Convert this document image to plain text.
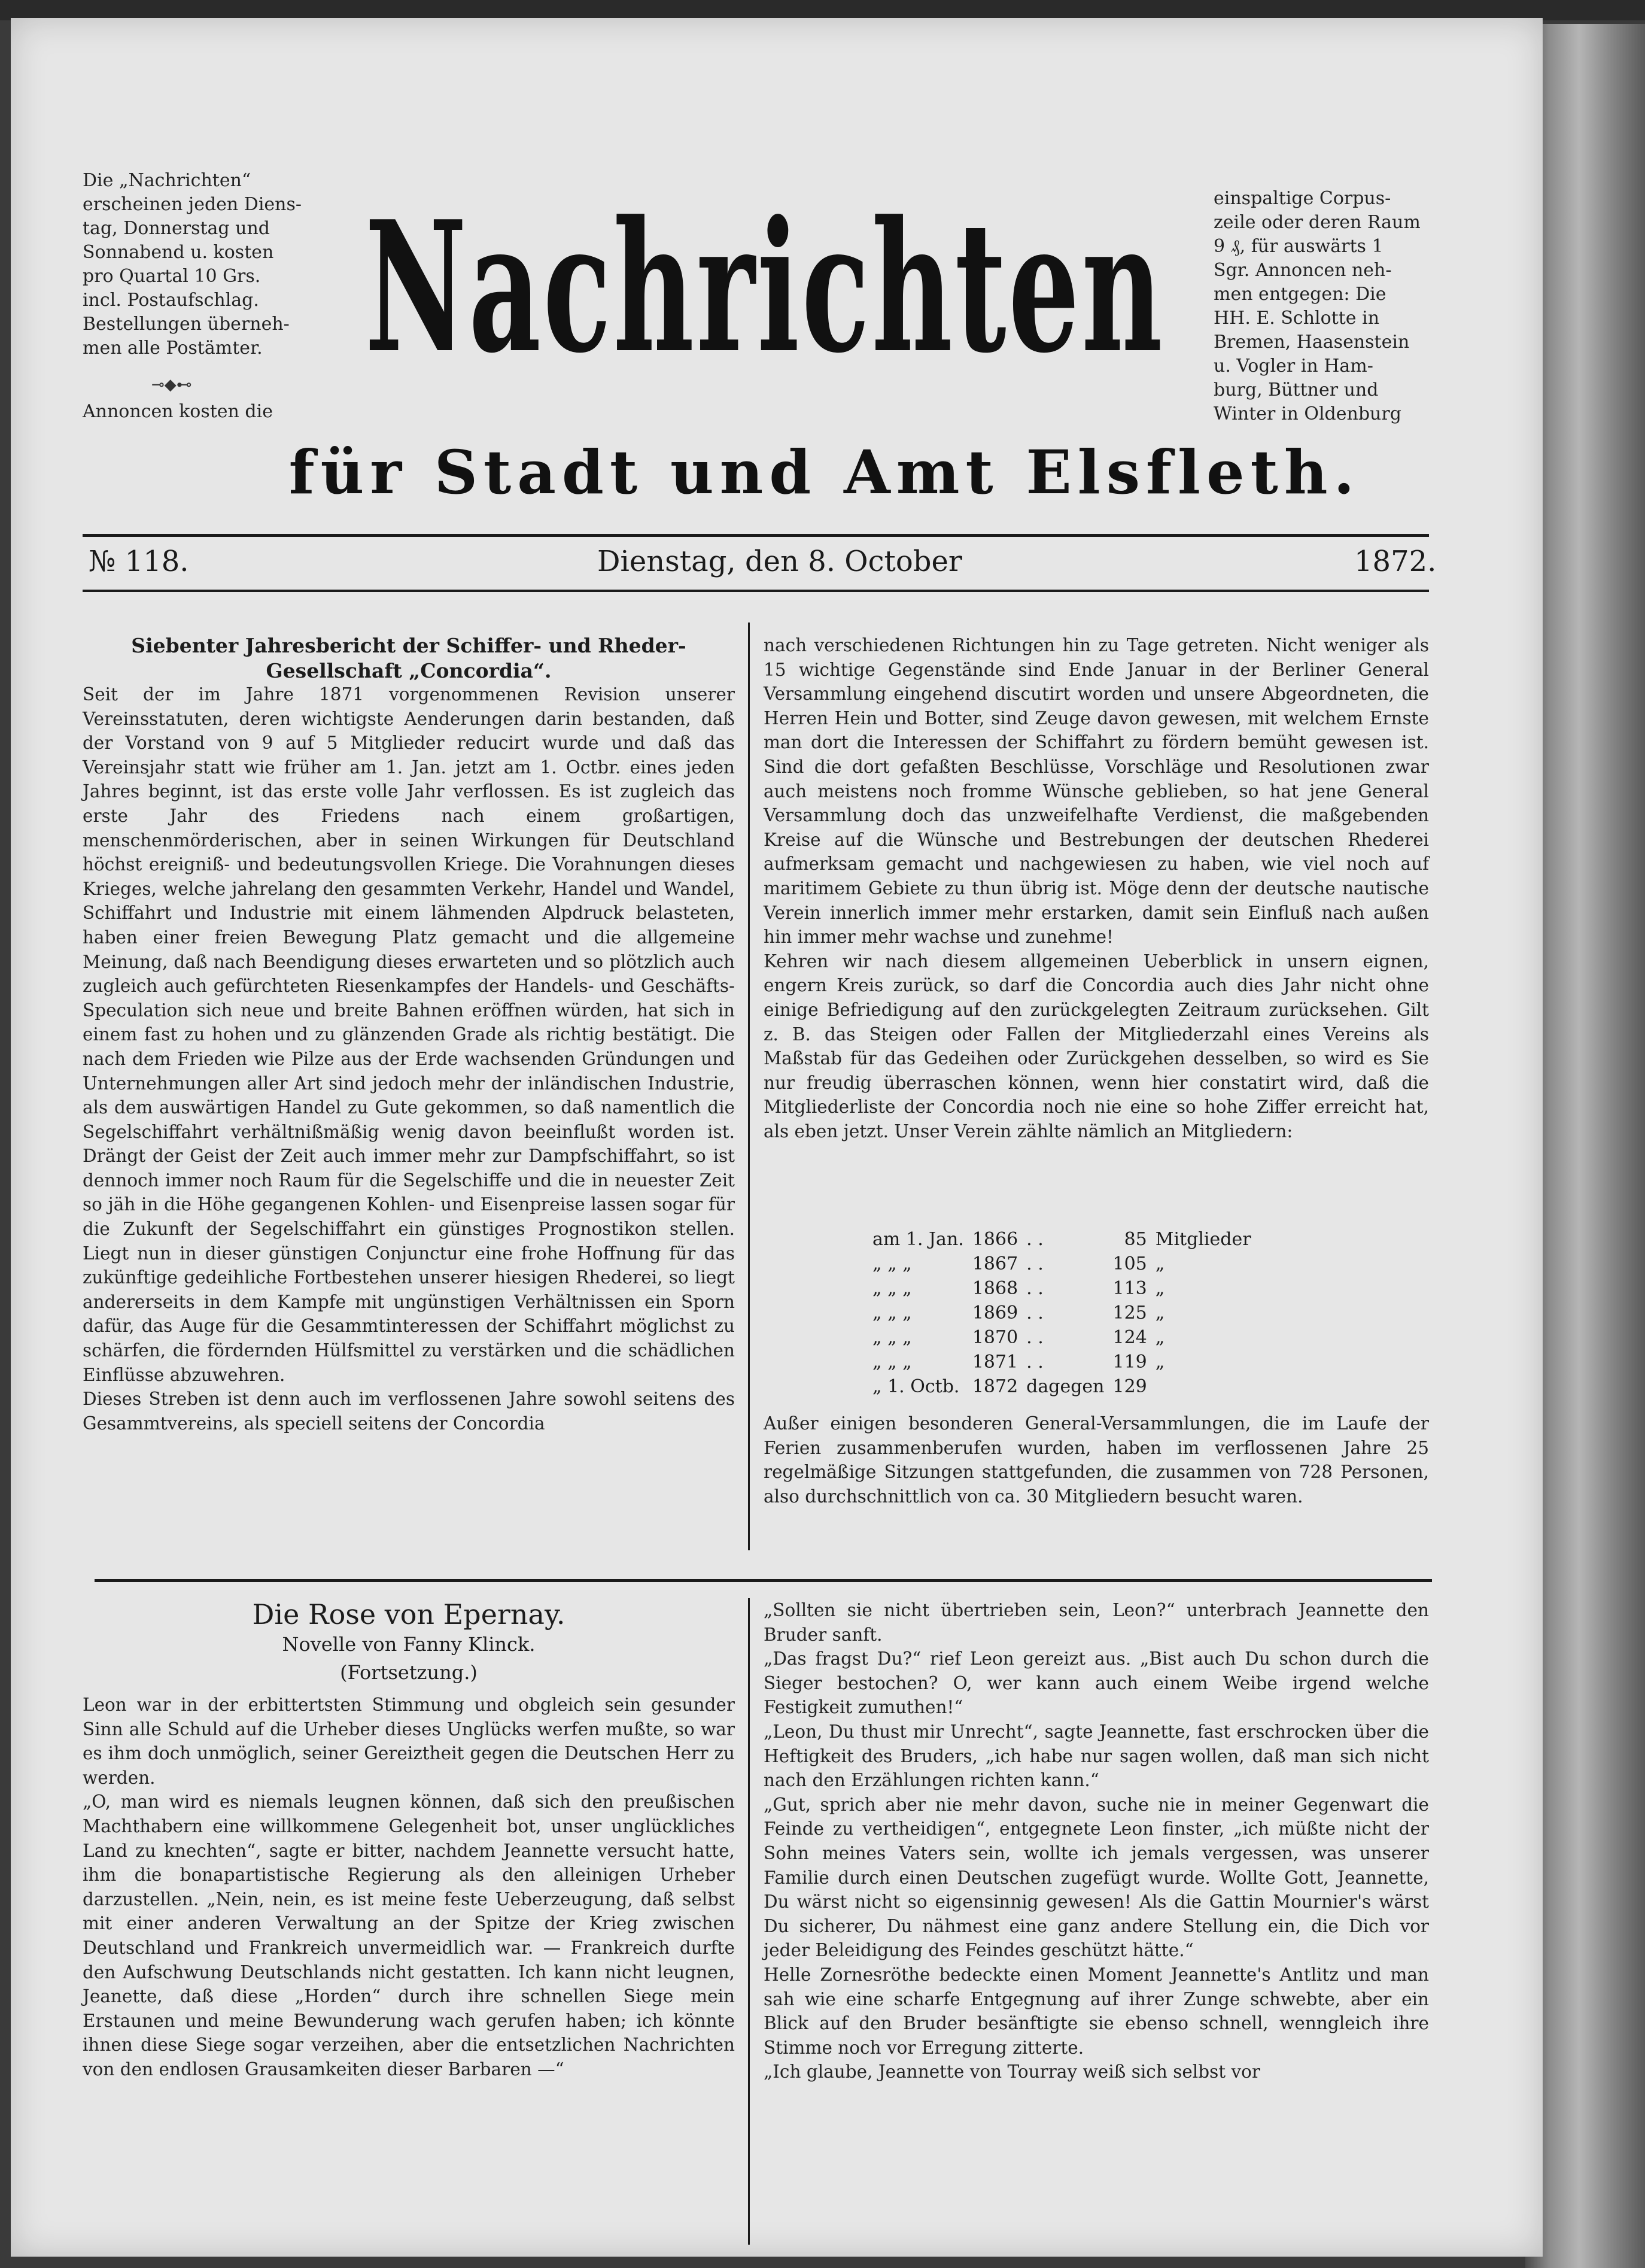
Die „Nachrichten“
erscheinen jeden Diens-
tag, Donnerstag und
Sonnabend u. kosten
pro Quartal 10 Grs.
incl. Postaufschlag.
Bestellungen überneh-
men alle Postämter.
⊸◆⊷
Annoncen kosten die
Nachrichten
für Stadt und Amt Elsfleth.
einspaltige Corpus-
zeile oder deren Raum
9 ₰, für auswärts 1
Sgr. Annoncen neh-
men entgegen: Die
HH. E. Schlotte in
Bremen, Haasenstein
u. Vogler in Ham-
burg, Büttner und
Winter in Oldenburg
№ 118.	Dienstag, den 8. October	1872.
Siebenter Jahresbericht der Schiffer- und Rheder-
Gesellschaft „Concordia“.
Seit der im Jahre 1871 vorgenommenen Revision unserer Vereinsstatuten, deren wichtigste Aenderungen darin bestanden, daß der Vorstand von 9 auf 5 Mitglieder reducirt wurde und daß das Vereinsjahr statt wie früher am 1. Jan. jetzt am 1. Octbr. eines jeden Jahres beginnt, ist das erste volle Jahr verflossen. Es ist zugleich das erste Jahr des Friedens nach einem großartigen, menschenmörderischen, aber in seinen Wirkungen für Deutschland höchst ereigniß- und bedeutungsvollen Kriege. Die Vorahnungen dieses Krieges, welche jahrelang den gesammten Verkehr, Handel und Wandel, Schiffahrt und Industrie mit einem lähmenden Alpdruck belasteten, haben einer freien Bewegung Platz gemacht und die allgemeine Meinung, daß nach Beendigung dieses erwarteten und so plötzlich auch zugleich auch gefürchteten Riesenkampfes der Handels- und Geschäfts-Speculation sich neue und breite Bahnen eröffnen würden, hat sich in einem fast zu hohen und zu glänzenden Grade als richtig bestätigt. Die nach dem Frieden wie Pilze aus der Erde wachsenden Gründungen und Unternehmungen aller Art sind jedoch mehr der inländischen Industrie, als dem auswärtigen Handel zu Gute gekommen, so daß namentlich die Segelschiffahrt verhältnißmäßig wenig davon beeinflußt worden ist. Drängt der Geist der Zeit auch immer mehr zur Dampfschiffahrt, so ist dennoch immer noch Raum für die Segelschiffe und die in neuester Zeit so jäh in die Höhe gegangenen Kohlen- und Eisenpreise lassen sogar für die Zukunft der Segelschiffahrt ein günstiges Prognostikon stellen. Liegt nun in dieser günstigen Conjunctur eine frohe Hoffnung für das zukünftige gedeihliche Fortbestehen unserer hiesigen Rhederei, so liegt andererseits in dem Kampfe mit ungünstigen Verhältnissen ein Sporn dafür, das Auge für die Gesammtinteressen der Schiffahrt möglichst zu schärfen, die fördernden Hülfsmittel zu verstärken und die schädlichen Einflüsse abzuwehren.
Dieses Streben ist denn auch im verflossenen Jahre sowohl seitens des Gesammtvereins, als speciell seitens der Concordia
nach verschiedenen Richtungen hin zu Tage getreten. Nicht weniger als 15 wichtige Gegenstände sind Ende Januar in der Berliner General Versammlung eingehend discutirt worden und unsere Abgeordneten, die Herren Hein und Botter, sind Zeuge davon gewesen, mit welchem Ernste man dort die Interessen der Schiffahrt zu fördern bemüht gewesen ist. Sind die dort gefaßten Beschlüsse, Vorschläge und Resolutionen zwar auch meistens noch fromme Wünsche geblieben, so hat jene General Versammlung doch das unzweifelhafte Verdienst, die maßgebenden Kreise auf die Wünsche und Bestrebungen der deutschen Rhederei aufmerksam gemacht und nachgewiesen zu haben, wie viel noch auf maritimem Gebiete zu thun übrig ist. Möge denn der deutsche nautische Verein innerlich immer mehr erstarken, damit sein Einfluß nach außen hin immer mehr wachse und zunehme!
Kehren wir nach diesem allgemeinen Ueberblick in unsern eignen, engern Kreis zurück, so darf die Concordia auch dies Jahr nicht ohne einige Befriedigung auf den zurückgelegten Zeitraum zurücksehen. Gilt z. B. das Steigen oder Fallen der Mitgliederzahl eines Vereins als Maßstab für das Gedeihen oder Zurückgehen desselben, so wird es Sie nur freudig überraschen können, wenn hier constatirt wird, daß die Mitgliederliste der Concordia noch nie eine so hohe Ziffer erreicht hat, als eben jetzt. Unser Verein zählte nämlich an Mitgliedern:
am 1. Jan.	1866	. .	85	Mitglieder
„ „ „	1867	. .	105	„
„ „ „	1868	. .	113	„
„ „ „	1869	. .	125	„
„ „ „	1870	. .	124	„
„ „ „	1871	. .	119	„
„ 1. Octb.	1872	dagegen	129	
Außer einigen besonderen General-Versammlungen, die im Laufe der Ferien zusammenberufen wurden, haben im verflossenen Jahre 25 regelmäßige Sitzungen stattgefunden, die zusammen von 728 Personen, also durchschnittlich von ca. 30 Mitgliedern besucht waren.
Die Rose von Epernay.
Novelle von Fanny Klinck.
(Fortsetzung.)
Leon war in der erbittertsten Stimmung und obgleich sein gesunder Sinn alle Schuld auf die Urheber dieses Unglücks werfen mußte, so war es ihm doch unmöglich, seiner Gereiztheit gegen die Deutschen Herr zu werden.
„O, man wird es niemals leugnen können, daß sich den preußischen Machthabern eine willkommene Gelegenheit bot, unser unglückliches Land zu knechten“, sagte er bitter, nachdem Jeannette versucht hatte, ihm die bonapartistische Regierung als den alleinigen Urheber darzustellen. „Nein, nein, es ist meine feste Ueberzeugung, daß selbst mit einer anderen Verwaltung an der Spitze der Krieg zwischen Deutschland und Frankreich unvermeidlich war. — Frankreich durfte den Aufschwung Deutschlands nicht gestatten. Ich kann nicht leugnen, Jeanette, daß diese „Horden“ durch ihre schnellen Siege mein Erstaunen und meine Bewunderung wach gerufen haben; ich könnte ihnen diese Siege sogar verzeihen, aber die entsetzlichen Nachrichten von den endlosen Grausamkeiten dieser Barbaren —“
„Sollten sie nicht übertrieben sein, Leon?“ unterbrach Jeannette den Bruder sanft.
„Das fragst Du?“ rief Leon gereizt aus. „Bist auch Du schon durch die Sieger bestochen? O, wer kann auch einem Weibe irgend welche Festigkeit zumuthen!“
„Leon, Du thust mir Unrecht“, sagte Jeannette, fast erschrocken über die Heftigkeit des Bruders, „ich habe nur sagen wollen, daß man sich nicht nach den Erzählungen richten kann.“
„Gut, sprich aber nie mehr davon, suche nie in meiner Gegenwart die Feinde zu vertheidigen“, entgegnete Leon finster, „ich müßte nicht der Sohn meines Vaters sein, wollte ich jemals vergessen, was unserer Familie durch einen Deutschen zugefügt wurde. Wollte Gott, Jeannette, Du wärst nicht so eigensinnig gewesen! Als die Gattin Mournier's wärst Du sicherer, Du nähmest eine ganz andere Stellung ein, die Dich vor jeder Beleidigung des Feindes geschützt hätte.“
Helle Zornesröthe bedeckte einen Moment Jeannette's Antlitz und man sah wie eine scharfe Entgegnung auf ihrer Zunge schwebte, aber ein Blick auf den Bruder besänftigte sie ebenso schnell, wenngleich ihre Stimme noch vor Erregung zitterte.
„Ich glaube, Jeannette von Tourray weiß sich selbst vor
